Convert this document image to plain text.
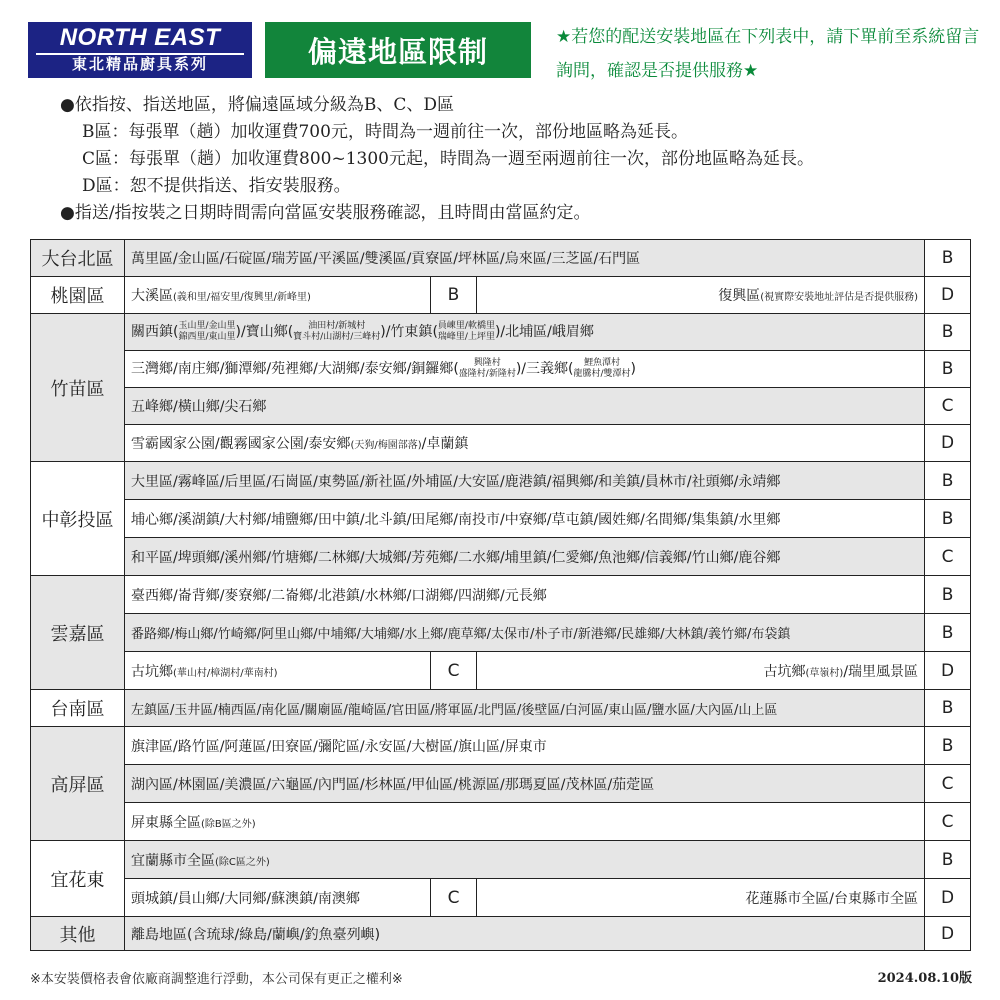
NORTH EAST
東北精品廚具系列	偏遠地區限制	★若您的配送安裝地區在下列表中，請下單前至系統留言詢問，確認是否提供服務★
●依指按、指送地區，將偏遠區域分級為B、C、D區
B區：每張單（趟）加收運費700元，時間為一週前往一次，部份地區略為延長。
C區：每張單（趟）加收運費800~1300元起，時間為一週至兩週前往一次，部份地區略為延長。
D區：恕不提供指送、指安裝服務。
●指送/指按裝之日期時間需向當區安裝服務確認，且時間由當區約定。
大台北區	萬里區/金山區/石碇區/瑞芳區/平溪區/雙溪區/貢寮區/坪林區/烏來區/三芝區/石門區			B
桃園區	大溪區(義和里/福安里/復興里/新峰里)	B	復興區(視實際安裝地址評估是否提供服務)	D
竹苗區	關西鎮(玉山里/金山里
錦西里/東山里)/寶山鄉( 油田村/新城村
寶斗村/山湖村/三峰村)/竹東鎮(員崠里/軟橋里
瑞峰里/上坪里)/北埔區/峨眉鄉			B
	三灣鄉/南庄鄉/獅潭鄉/苑裡鄉/大湖鄉/泰安鄉/銅鑼鄉( 興隆村
盛隆村/新隆村)/三義鄉( 鯉魚潭村
龍騰村/雙潭村)			B
	五峰鄉/橫山鄉/尖石鄉			C
	雪霸國家公園/觀霧國家公園/泰安鄉(天狗/梅園部落)/卓蘭鎮			D
中彰投區	大里區/霧峰區/后里區/石崗區/東勢區/新社區/外埔區/大安區/鹿港鎮/福興鄉/和美鎮/員林市/社頭鄉/永靖鄉			B
	埔心鄉/溪湖鎮/大村鄉/埔鹽鄉/田中鎮/北斗鎮/田尾鄉/南投市/中寮鄉/草屯鎮/國姓鄉/名間鄉/集集鎮/水里鄉			B
	和平區/埤頭鄉/溪州鄉/竹塘鄉/二林鄉/大城鄉/芳苑鄉/二水鄉/埔里鎮/仁愛鄉/魚池鄉/信義鄉/竹山鄉/鹿谷鄉			C
雲嘉區	臺西鄉/崙背鄉/麥寮鄉/二崙鄉/北港鎮/水林鄉/口湖鄉/四湖鄉/元長鄉			B
	番路鄉/梅山鄉/竹崎鄉/阿里山鄉/中埔鄉/大埔鄉/水上鄉/鹿草鄉/太保市/朴子市/新港鄉/民雄鄉/大林鎮/義竹鄉/布袋鎮			B
	古坑鄉(華山村/樟湖村/華南村)	C	古坑鄉(草嶺村)/瑞里風景區	D
台南區	左鎮區/玉井區/楠西區/南化區/關廟區/龍崎區/官田區/將軍區/北門區/後壁區/白河區/東山區/鹽水區/大內區/山上區			B
高屏區	旗津區/路竹區/阿蓮區/田寮區/彌陀區/永安區/大樹區/旗山區/屏東市			B
	湖內區/林園區/美濃區/六龜區/內門區/杉林區/甲仙區/桃源區/那瑪夏區/茂林區/茄萣區			C
	屏東縣全區(除B區之外)			C
宜花東	宜蘭縣市全區(除C區之外)			B
	頭城鎮/員山鄉/大同鄉/蘇澳鎮/南澳鄉	C	花蓮縣市全區/台東縣市全區	D
其他	離島地區(含琉球/綠島/蘭嶼/釣魚臺列嶼)			D
※本安裝價格表會依廠商調整進行浮動，本公司保有更正之權利※	2024.08.10版
